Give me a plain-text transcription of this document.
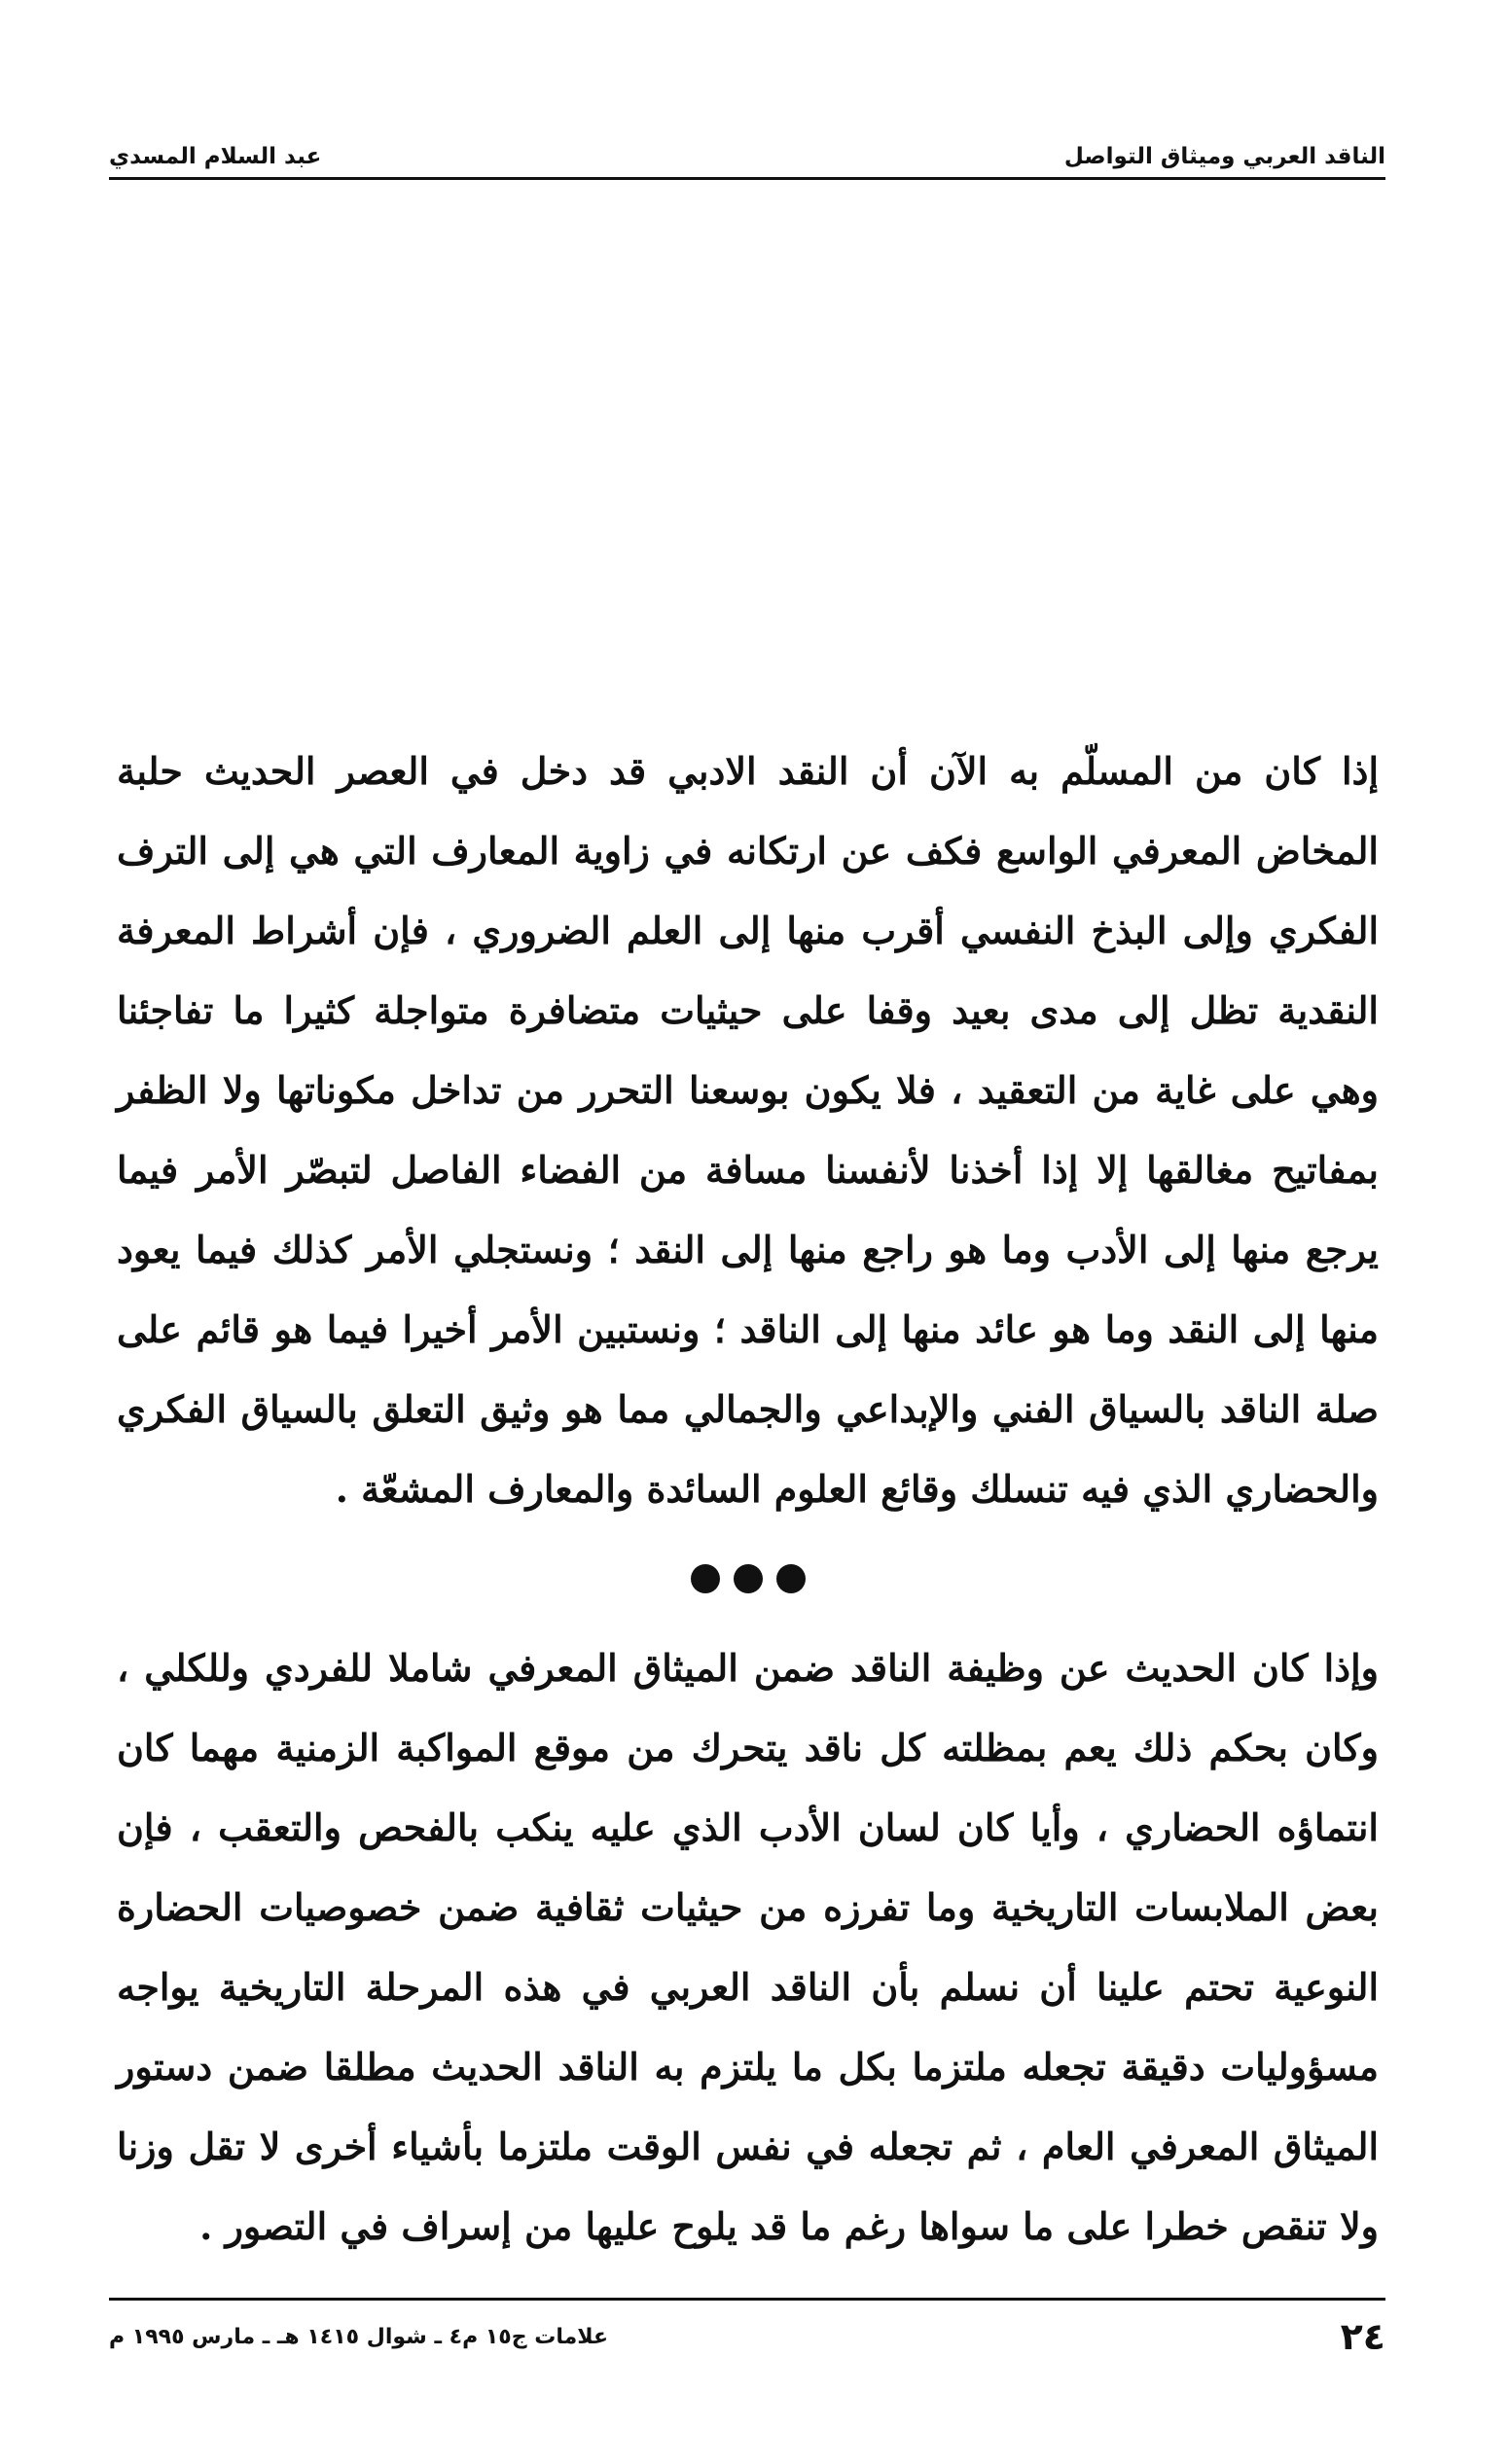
الناقد العربي وميثاق التواصل
عبد السلام المسدي

إذا كان من المسلّم به الآن أن النقد الادبي قد دخل في العصر الحديث حلبة المخاض المعرفي الواسع فكف عن ارتكانه في زاوية المعارف التي هي إلى الترف الفكري وإلى البذخ النفسي أقرب منها إلى العلم الضروري ، فإن أشراط المعرفة النقدية تظل إلى مدى بعيد وقفا على حيثيات متضافرة متواجلة كثيرا ما تفاجئنا وهي على غاية من التعقيد ، فلا يكون بوسعنا التحرر من تداخل مكوناتها ولا الظفر بمفاتيح مغالقها إلا إذا أخذنا لأنفسنا مسافة من الفضاء الفاصل لتبصّر الأمر فيما يرجع منها إلى الأدب وما هو راجع منها إلى النقد ؛ ونستجلي الأمر كذلك فيما يعود منها إلى النقد وما هو عائد منها إلى الناقد ؛ ونستبين الأمر أخيرا فيما هو قائم على صلة الناقد بالسياق الفني والإبداعي والجمالي مما هو وثيق التعلق بالسياق الفكري والحضاري الذي فيه تنسلك وقائع العلوم السائدة والمعارف المشعّة .

وإذا كان الحديث عن وظيفة الناقد ضمن الميثاق المعرفي شاملا للفردي وللكلي ، وكان بحكم ذلك يعم بمظلته كل ناقد يتحرك من موقع المواكبة الزمنية مهما كان انتماؤه الحضاري ، وأيا كان لسان الأدب الذي عليه ينكب بالفحص والتعقب ، فإن بعض الملابسات التاريخية وما تفرزه من حيثيات ثقافية ضمن خصوصيات الحضارة النوعية تحتم علينا أن نسلم بأن الناقد العربي في هذه المرحلة التاريخية يواجه مسؤوليات دقيقة تجعله ملتزما بكل ما يلتزم به الناقد الحديث مطلقا ضمن دستور الميثاق المعرفي العام ، ثم تجعله في نفس الوقت ملتزما بأشياء أخرى لا تقل وزنا ولا تنقص خطرا على ما سواها رغم ما قد يلوح عليها من إسراف في التصور .

٢٤
علامات ج١٥ م٤ ـ شوال ١٤١٥ هـ ـ مارس ١٩٩٥ م
